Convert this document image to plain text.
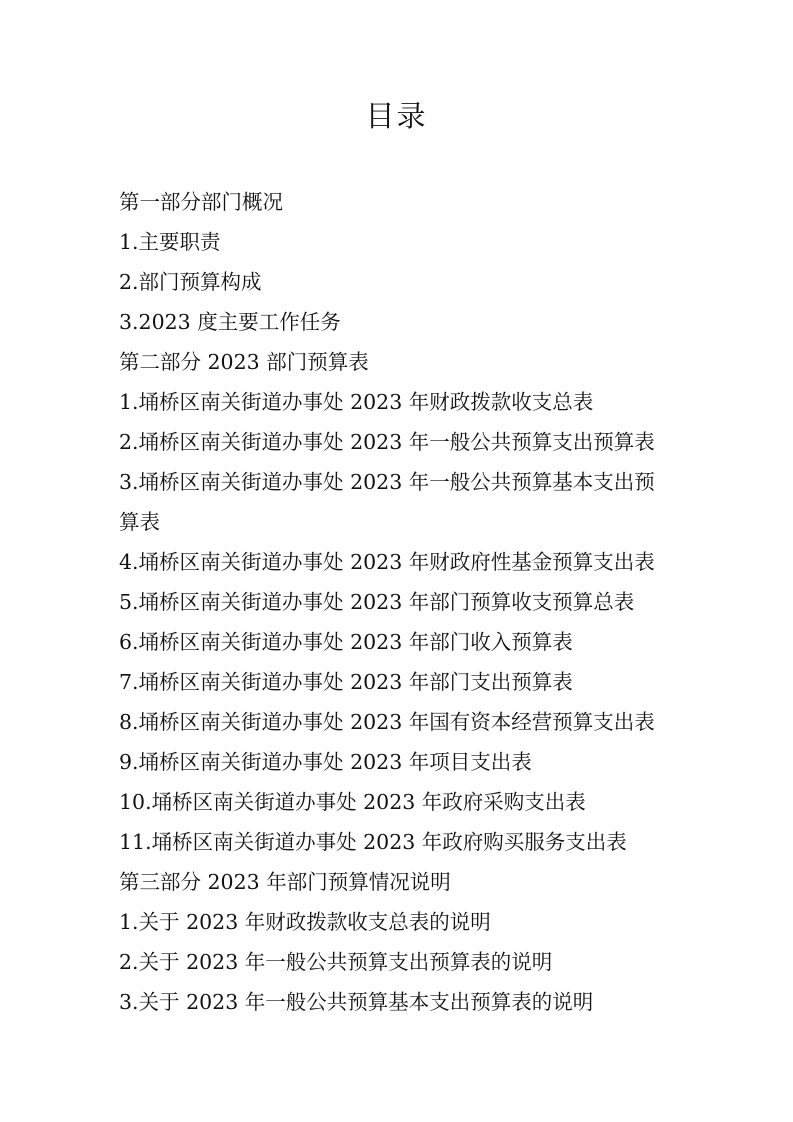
目录
第一部分部门概况
1.主要职责
2.部门预算构成
3.2023 度主要工作任务
第二部分 2023 部门预算表
1.埇桥区南关街道办事处 2023 年财政拨款收支总表
2.埇桥区南关街道办事处 2023 年一般公共预算支出预算表
3.埇桥区南关街道办事处 2023 年一般公共预算基本支出预算表
4.埇桥区南关街道办事处 2023 年财政府性基金预算支出表
5.埇桥区南关街道办事处 2023 年部门预算收支预算总表
6.埇桥区南关街道办事处 2023 年部门收入预算表
7.埇桥区南关街道办事处 2023 年部门支出预算表
8.埇桥区南关街道办事处 2023 年国有资本经营预算支出表
9.埇桥区南关街道办事处 2023 年项目支出表
10.埇桥区南关街道办事处 2023 年政府采购支出表
11.埇桥区南关街道办事处 2023 年政府购买服务支出表
第三部分 2023 年部门预算情况说明
1.关于 2023 年财政拨款收支总表的说明
2.关于 2023 年一般公共预算支出预算表的说明
3.关于 2023 年一般公共预算基本支出预算表的说明
